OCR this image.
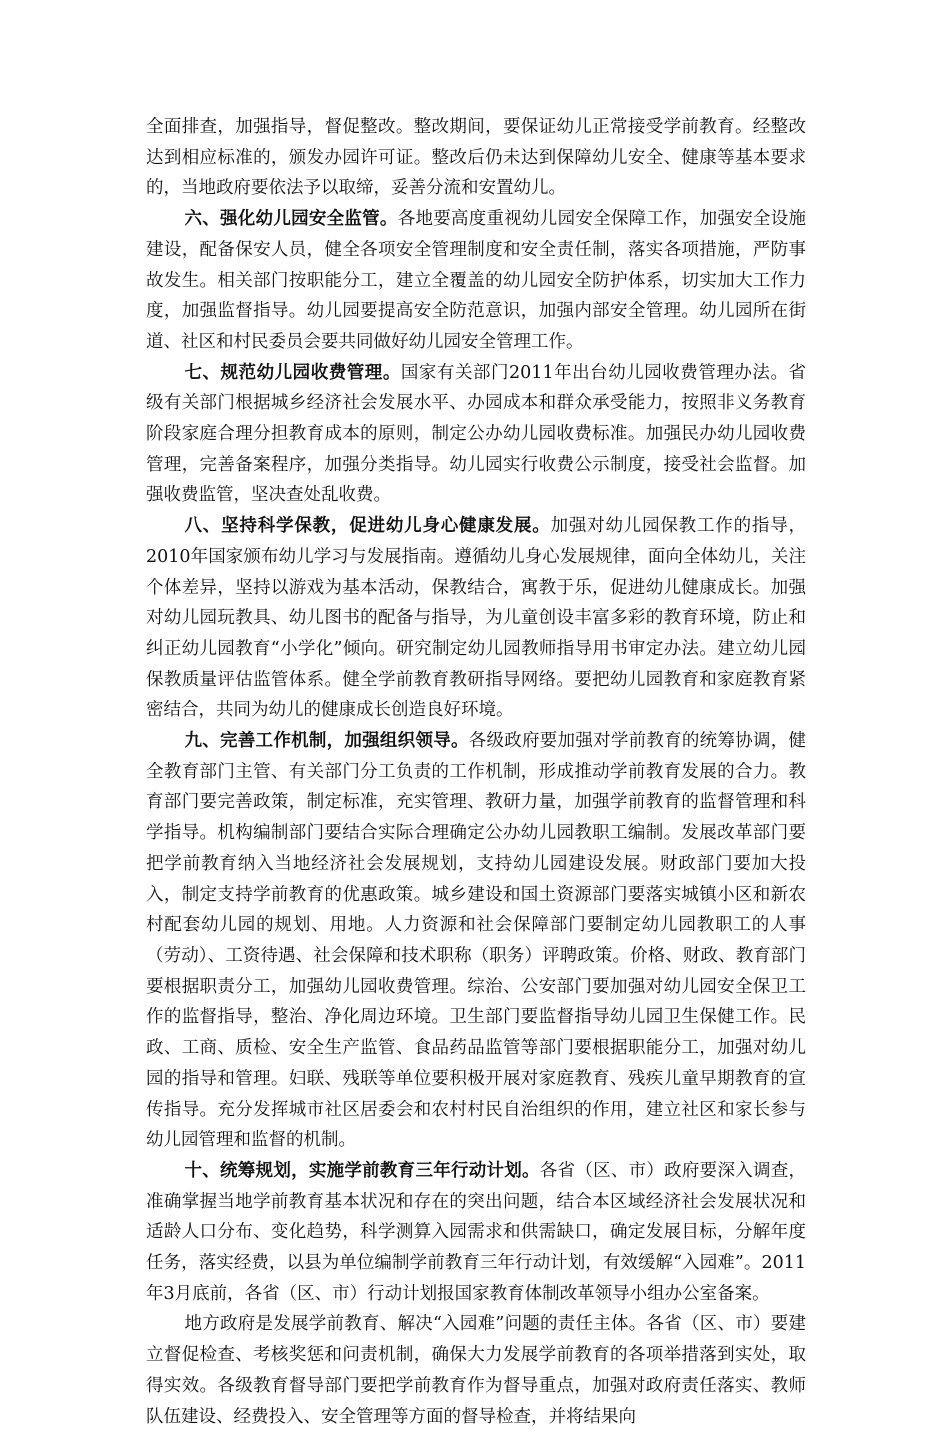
全面排查，加强指导，督促整改。整改期间，要保证幼儿正常接受学前教育。经整改达到相应标准的，颁发办园许可证。整改后仍未达到保障幼儿安全、健康等基本要求的，当地政府要依法予以取缔，妥善分流和安置幼儿。

六、强化幼儿园安全监管。各地要高度重视幼儿园安全保障工作，加强安全设施建设，配备保安人员，健全各项安全管理制度和安全责任制，落实各项措施，严防事故发生。相关部门按职能分工，建立全覆盖的幼儿园安全防护体系，切实加大工作力度，加强监督指导。幼儿园要提高安全防范意识，加强内部安全管理。幼儿园所在街道、社区和村民委员会要共同做好幼儿园安全管理工作。

七、规范幼儿园收费管理。国家有关部门2011年出台幼儿园收费管理办法。省级有关部门根据城乡经济社会发展水平、办园成本和群众承受能力，按照非义务教育阶段家庭合理分担教育成本的原则，制定公办幼儿园收费标准。加强民办幼儿园收费管理，完善备案程序，加强分类指导。幼儿园实行收费公示制度，接受社会监督。加强收费监管，坚决查处乱收费。

八、坚持科学保教，促进幼儿身心健康发展。加强对幼儿园保教工作的指导，2010年国家颁布幼儿学习与发展指南。遵循幼儿身心发展规律，面向全体幼儿，关注个体差异，坚持以游戏为基本活动，保教结合，寓教于乐，促进幼儿健康成长。加强对幼儿园玩教具、幼儿图书的配备与指导，为儿童创设丰富多彩的教育环境，防止和纠正幼儿园教育“小学化”倾向。研究制定幼儿园教师指导用书审定办法。建立幼儿园保教质量评估监管体系。健全学前教育教研指导网络。要把幼儿园教育和家庭教育紧密结合，共同为幼儿的健康成长创造良好环境。

九、完善工作机制，加强组织领导。各级政府要加强对学前教育的统筹协调，健全教育部门主管、有关部门分工负责的工作机制，形成推动学前教育发展的合力。教育部门要完善政策，制定标准，充实管理、教研力量，加强学前教育的监督管理和科学指导。机构编制部门要结合实际合理确定公办幼儿园教职工编制。发展改革部门要把学前教育纳入当地经济社会发展规划，支持幼儿园建设发展。财政部门要加大投入，制定支持学前教育的优惠政策。城乡建设和国土资源部门要落实城镇小区和新农村配套幼儿园的规划、用地。人力资源和社会保障部门要制定幼儿园教职工的人事（劳动）、工资待遇、社会保障和技术职称（职务）评聘政策。价格、财政、教育部门要根据职责分工，加强幼儿园收费管理。综治、公安部门要加强对幼儿园安全保卫工作的监督指导，整治、净化周边环境。卫生部门要监督指导幼儿园卫生保健工作。民政、工商、质检、安全生产监管、食品药品监管等部门要根据职能分工，加强对幼儿园的指导和管理。妇联、残联等单位要积极开展对家庭教育、残疾儿童早期教育的宣传指导。充分发挥城市社区居委会和农村村民自治组织的作用，建立社区和家长参与幼儿园管理和监督的机制。

十、统筹规划，实施学前教育三年行动计划。各省（区、市）政府要深入调查，准确掌握当地学前教育基本状况和存在的突出问题，结合本区域经济社会发展状况和适龄人口分布、变化趋势，科学测算入园需求和供需缺口，确定发展目标，分解年度任务，落实经费，以县为单位编制学前教育三年行动计划，有效缓解“入园难”。2011年3月底前，各省（区、市）行动计划报国家教育体制改革领导小组办公室备案。

地方政府是发展学前教育、解决“入园难”问题的责任主体。各省（区、市）要建立督促检查、考核奖惩和问责机制，确保大力发展学前教育的各项举措落到实处，取得实效。各级教育督导部门要把学前教育作为督导重点，加强对政府责任落实、教师队伍建设、经费投入、安全管理等方面的督导检查，并将结果向
